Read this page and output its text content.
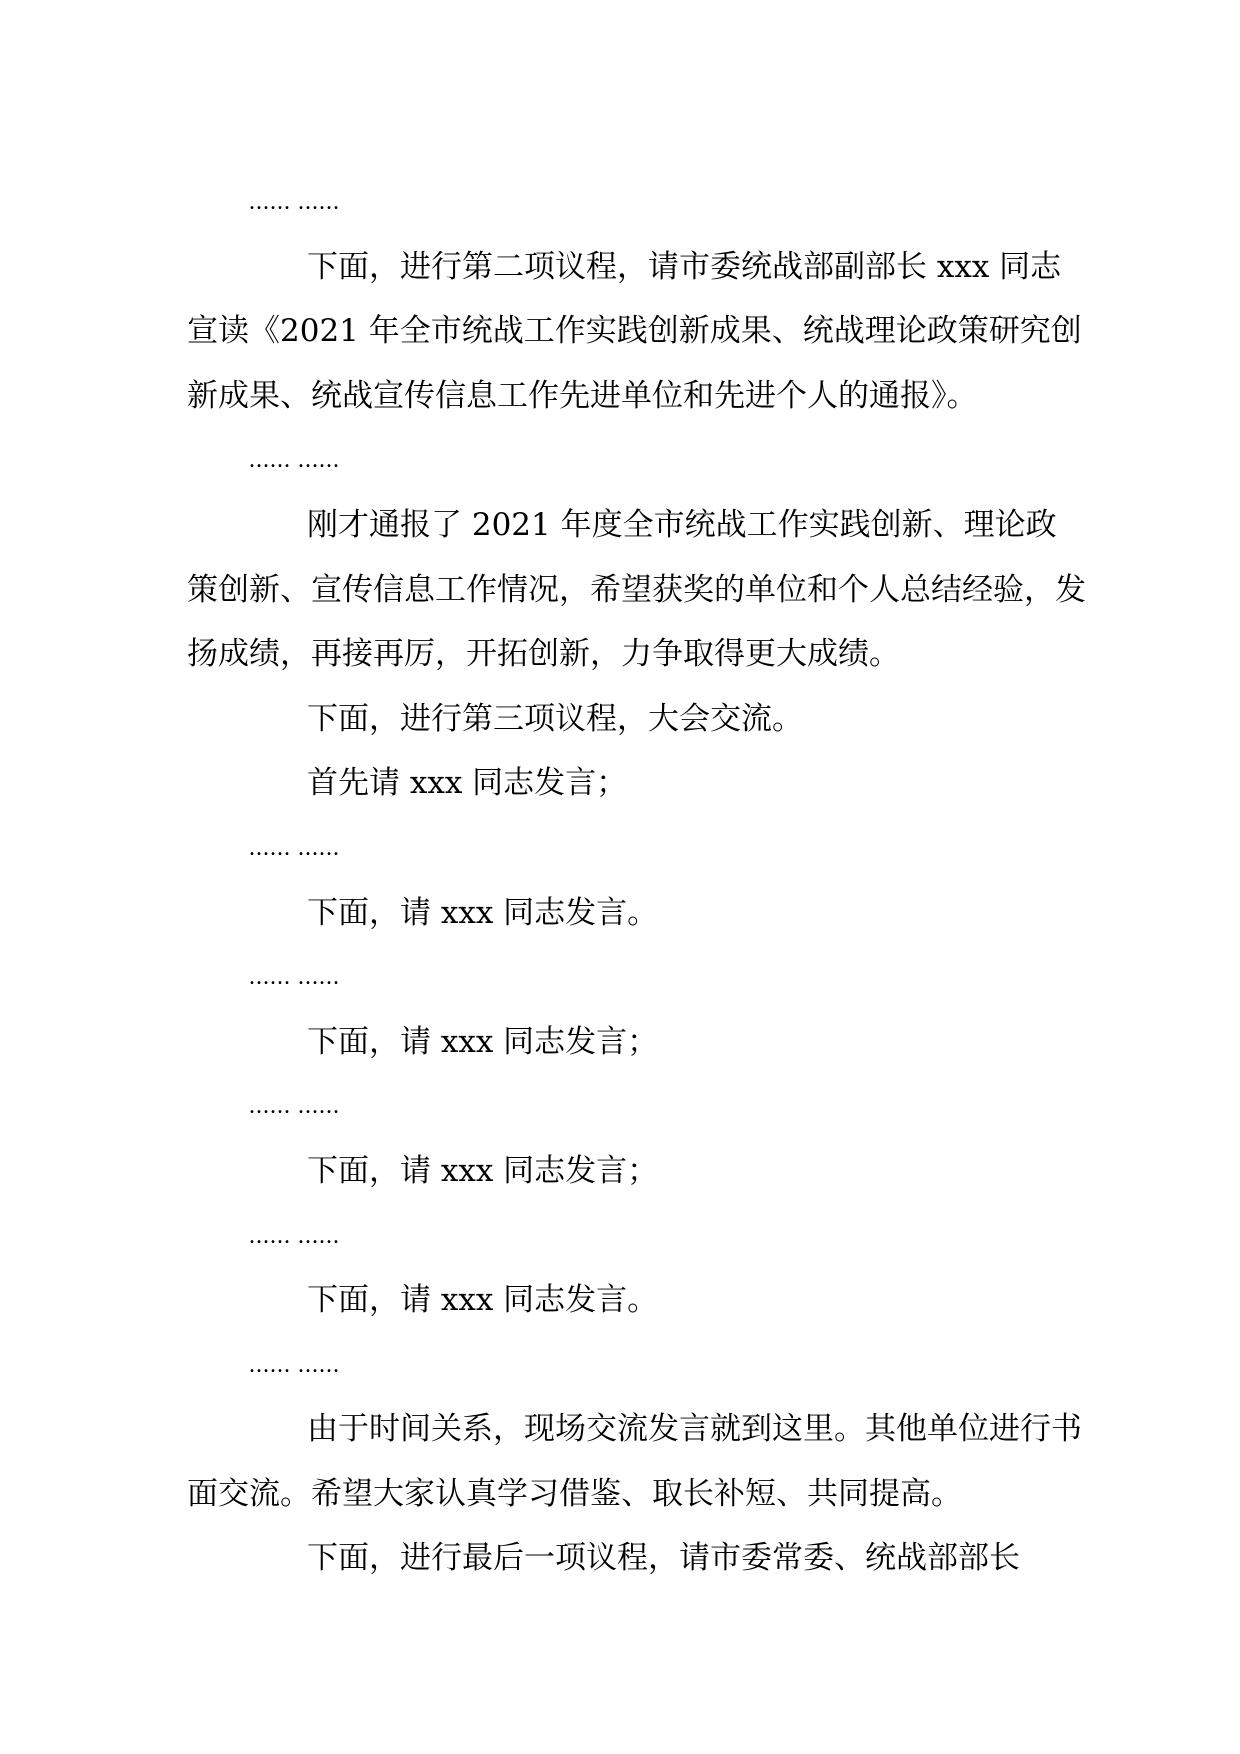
...... ......
下面，进行第二项议程，请市委统战部副部长 xxx 同志宣读《2021 年全市统战工作实践创新成果、统战理论政策研究创新成果、统战宣传信息工作先进单位和先进个人的通报》。
...... ......
刚才通报了 2021 年度全市统战工作实践创新、理论政策创新、宣传信息工作情况，希望获奖的单位和个人总结经验，发扬成绩，再接再厉，开拓创新，力争取得更大成绩。
下面，进行第三项议程，大会交流。
首先请 xxx 同志发言；
...... ......
下面，请 xxx 同志发言。
...... ......
下面，请 xxx 同志发言；
...... ......
下面，请 xxx 同志发言；
...... ......
下面，请 xxx 同志发言。
...... ......
由于时间关系，现场交流发言就到这里。其他单位进行书面交流。希望大家认真学习借鉴、取长补短、共同提高。
下面，进行最后一项议程，请市委常委、统战部部长
